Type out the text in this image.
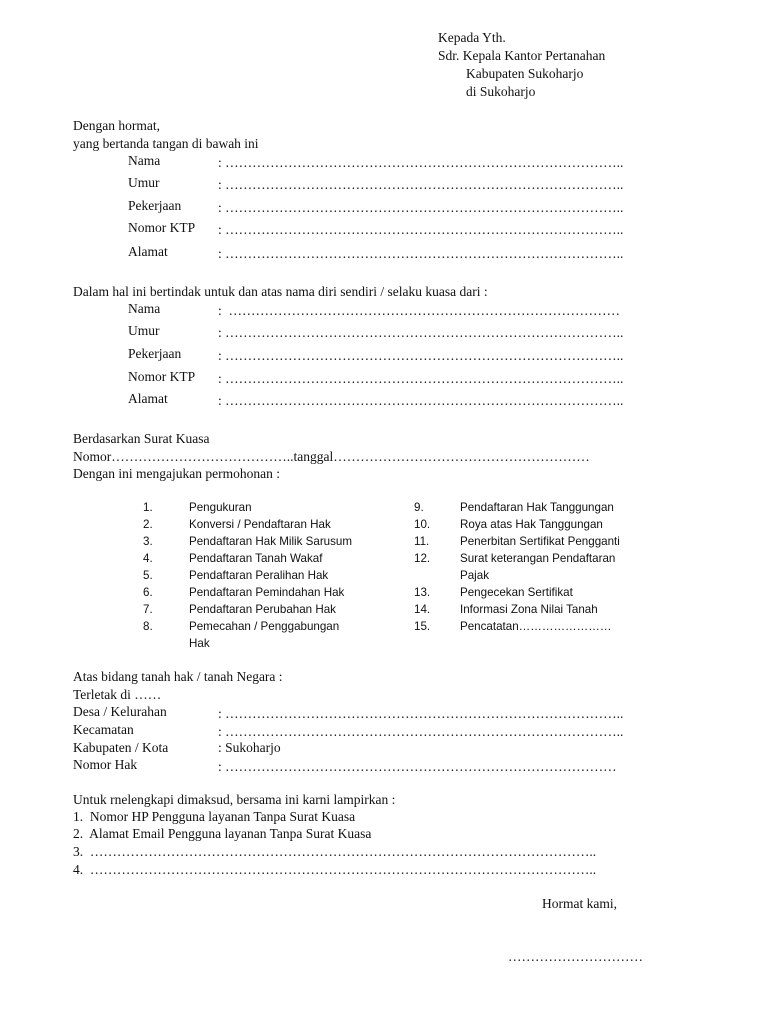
Kepada Yth.
Sdr. Kepala Kantor Pertanahan
Kabupaten Sukoharjo
di Sukoharjo
Dengan hormat,
yang bertanda tangan di bawah ini
Nama	: ……………………………………………………………………………..
Umur	: ……………………………………………………………………………..
Pekerjaan	: ……………………………………………………………………………..
Nomor KTP : ……………………………………………………………………………..
Alamat	: ……………………………………………………………………………..
Dalam hal ini bertindak untuk dan atas nama diri sendiri / selaku kuasa dari :
Nama	:  ……………………………………………………………………………
Umur	: ……………………………………………………………………………..
Pekerjaan	: ……………………………………………………………………………..
Nomor KTP : ……………………………………………………………………………..
Alamat	: ……………………………………………………………………………..
Berdasarkan Surat Kuasa
Nomor…………………………………..tanggal…………………………………………………
Dengan ini mengajukan permohonan :
1.	Pengukuran
2.	Konversi / Pendaftaran Hak
3.	Pendaftaran Hak Milik Sarusum
4.	Pendaftaran Tanah Wakaf
5.	Pendaftaran Peralihan Hak
6.	Pendaftaran Pemindahan Hak
7.	Pendaftaran Perubahan Hak
8.	Pemecahan / Penggabungan
Hak
9.	Pendaftaran Hak Tanggungan
10.	Roya atas Hak Tanggungan
11.	Penerbitan Sertifikat Pengganti
12.	Surat keterangan Pendaftaran
Pajak
13.	Pengecekan Sertifikat
14.	Informasi Zona Nilai Tanah
15.	Pencatatan……………………
Atas bidang tanah hak / tanah Negara :
Terletak di ……
Desa / Kelurahan	: ……………………………………………………………………………..
Kecamatan	: ……………………………………………………………………………..
Kabupaten / Kota	: Sukoharjo
Nomor Hak	: ……………………………………………………………………………
Untuk rnelengkapi dimaksud, bersama ini karni lampirkan :
1.  Nomor HP Pengguna layanan Tanpa Surat Kuasa
2.  Alamat Email Pengguna layanan Tanpa Surat Kuasa
3.  …………………………………………………………………………………………………..
4.  …………………………………………………………………………………………………..
Hormat kami,
…………………………
